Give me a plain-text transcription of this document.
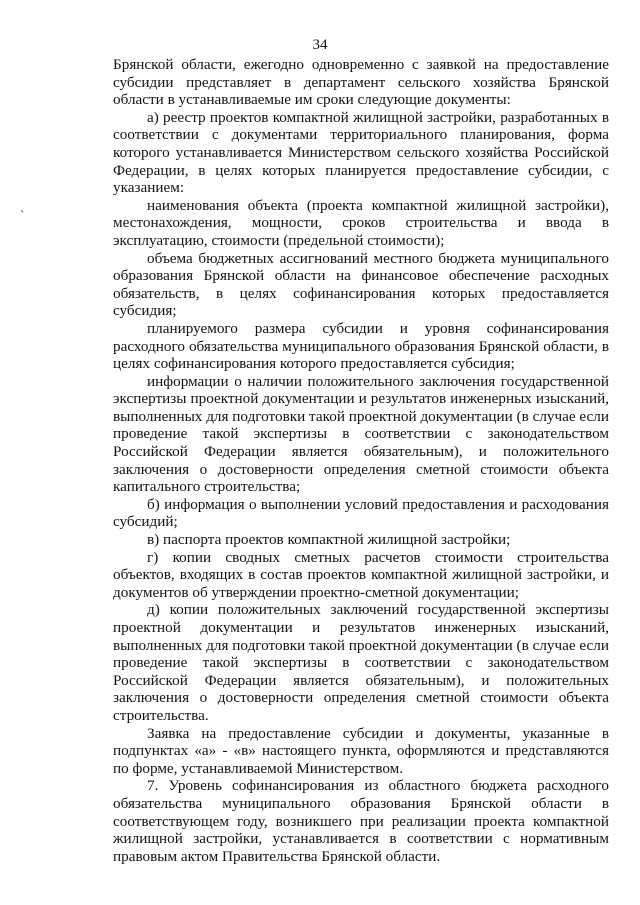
34
ˏ

Брянской области, ежегодно одновременно с заявкой на предоставление субсидии представляет в департамент сельского хозяйства Брянской области в устанавливаемые им сроки следующие документы:

а) реестр проектов компактной жилищной застройки, разработанных в соответствии с документами территориального планирования, форма которого устанавливается Министерством сельского хозяйства Российской Федерации, в целях которых планируется предоставление субсидии, с указанием:

наименования объекта (проекта компактной жилищной застройки), местонахождения, мощности, сроков строительства и ввода в эксплуатацию, стоимости (предельной стоимости);

объема бюджетных ассигнований местного бюджета муниципального образования Брянской области на финансовое обеспечение расходных обязательств, в целях софинансирования которых предоставляется субсидия;

планируемого размера субсидии и уровня софинансирования расходного обязательства муниципального образования Брянской области, в целях софинансирования которого предоставляется субсидия;

информации о наличии положительного заключения государственной экспертизы проектной документации и результатов инженерных изысканий, выполненных для подготовки такой проектной документации (в случае если проведение такой экспертизы в соответствии с законодательством Российской Федерации является обязательным), и положительного заключения о достоверности определения сметной стоимости объекта капитального строительства;

б) информация о выполнении условий предоставления и расходования субсидий;

в) паспорта проектов компактной жилищной застройки;

г) копии сводных сметных расчетов стоимости строительства объектов, входящих в состав проектов компактной жилищной застройки, и документов об утверждении проектно-сметной документации;

д) копии положительных заключений государственной экспертизы проектной документации и результатов инженерных изысканий, выполненных для подготовки такой проектной документации (в случае если проведение такой экспертизы в соответствии с законодательством Российской Федерации является обязательным), и положительных заключения о достоверности определения сметной стоимости объекта строительства.

Заявка на предоставление субсидии и документы, указанные в подпунктах «а» - «в» настоящего пункта, оформляются и представляются по форме, устанавливаемой Министерством.

7. Уровень софинансирования из областного бюджета расходного обязательства муниципального образования Брянской области в соответствующем году, возникшего при реализации проекта компактной жилищной застройки, устанавливается в соответствии с нормативным правовым актом Правительства Брянской области.
